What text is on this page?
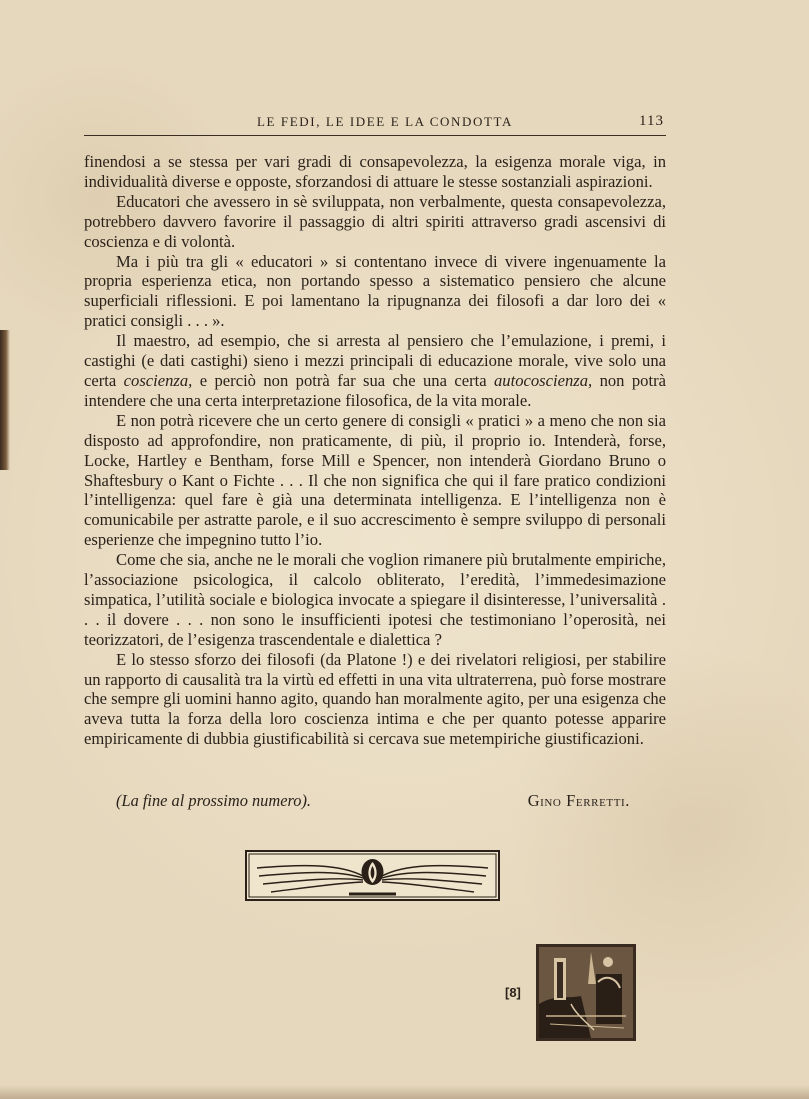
LE FEDI, LE IDEE E LA CONDOTTA	113

finendosi a se stessa per vari gradi di consapevolezza, la esigenza morale viga, in individualità diverse e opposte, sforzandosi di attuare le stesse sostanziali aspirazioni.

Educatori che avessero in sè sviluppata, non verbalmente, questa consapevolezza, potrebbero davvero favorire il passaggio di altri spiriti attraverso gradi ascensivi di coscienza e di volontà.

Ma i più tra gli « educatori » si contentano invece di vivere ingenuamente la propria esperienza etica, non portando spesso a sistematico pensiero che alcune superficiali riflessioni. E poi lamentano la ripugnanza dei filosofi a dar loro dei « pratici consigli . . . ».

Il maestro, ad esempio, che si arresta al pensiero che l’emulazione, i premi, i castighi (e dati castighi) sieno i mezzi principali di educazione morale, vive solo una certa coscienza, e perciò non potrà far sua che una certa autocoscienza, non potrà intendere che una certa interpretazione filosofica, de la vita morale.

E non potrà ricevere che un certo genere di consigli « pratici » a meno che non sia disposto ad approfondire, non praticamente, di più, il proprio io. Intenderà, forse, Locke, Hartley e Bentham, forse Mill e Spencer, non intenderà Giordano Bruno o Shaftesbury o Kant o Fichte . . . Il che non significa che qui il fare pratico condizioni l’intelligenza: quel fare è già una determinata intelligenza. E l’intelligenza non è comunicabile per astratte parole, e il suo accrescimento è sempre sviluppo di personali esperienze che impegnino tutto l’io.

Come che sia, anche ne le morali che voglion rimanere più brutalmente empiriche, l’associazione psicologica, il calcolo obliterato, l’eredità, l’immedesimazione simpatica, l’utilità sociale e biologica invocate a spiegare il disinteresse, l’universalità . . . il dovere . . . non sono le insufficienti ipotesi che testimoniano l’operosità, nei teorizzatori, de l’esigenza trascendentale e dialettica ?

E lo stesso sforzo dei filosofi (da Platone !) e dei rivelatori religiosi, per stabilire un rapporto di causalità tra la virtù ed effetti in una vita ultraterrena, può forse mostrare che sempre gli uomini hanno agito, quando han moralmente agito, per una esigenza che aveva tutta la forza della loro coscienza intima e che per quanto potesse apparire empiricamente di dubbia giustificabilità si cercava sue metempiriche giustificazioni.

(La fine al prossimo numero).	Gino Ferretti.
[8]
